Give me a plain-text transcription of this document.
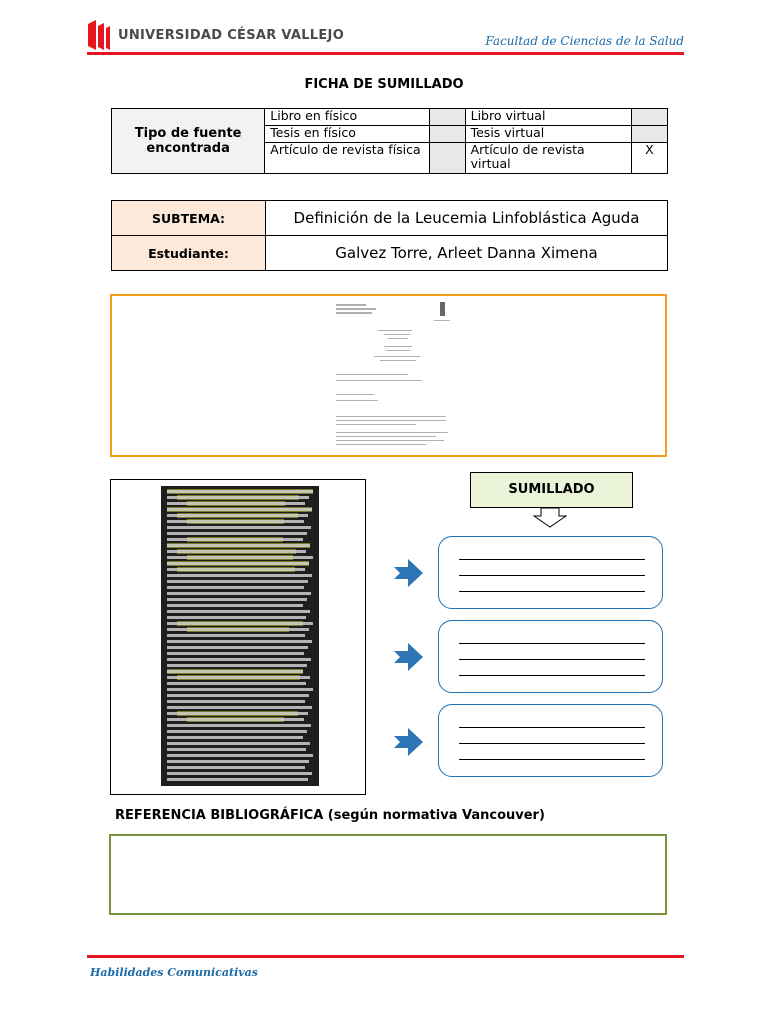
UNIVERSIDAD CÉSAR VALLEJO	Facultad de Ciencias de la Salud
FICHA DE SUMILLADO
Tipo de fuente encontrada	Libro en físico		Libro virtual	
	Tesis en físico		Tesis virtual	
	Artículo de revista física		Artículo de revista virtual	X
SUBTEMA:	Definición de la Leucemia Linfoblástica Aguda
Estudiante:	Galvez Torre, Arleet Danna Ximena
SUMILLADO
REFERENCIA BIBLIOGRÁFICA (según normativa Vancouver)
Habilidades Comunicativas
